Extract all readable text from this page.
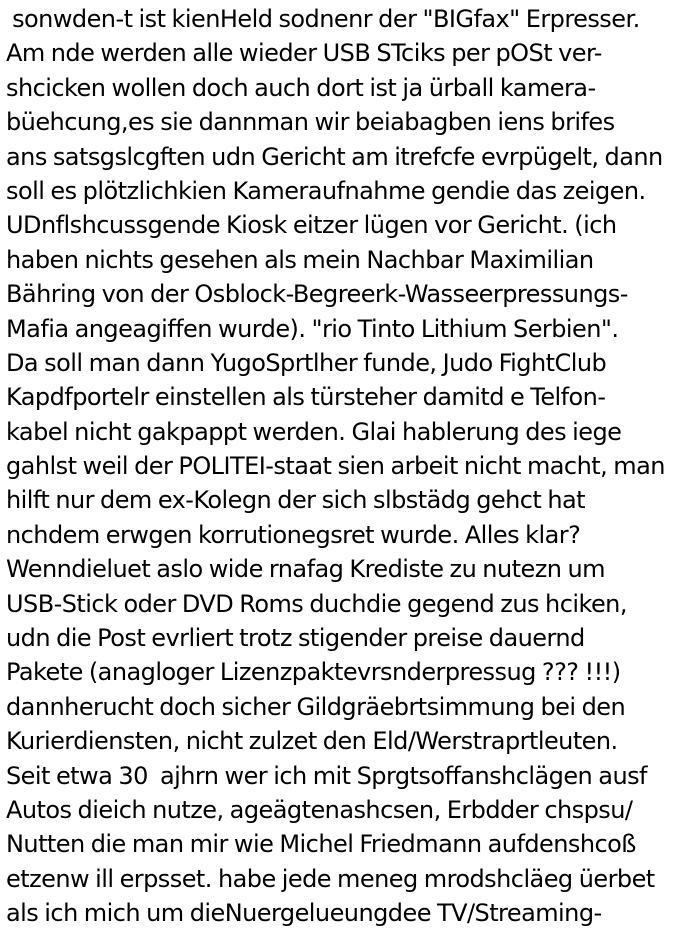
sonwden-t ist kienHeld sodnenr der "BIGfax" Erpresser.
Am nde werden alle wieder USB STciks per pOSt ver-
shcicken wollen doch auch dort ist ja ürball kamera-
büehcung,es sie dannman wir beiabagben iens brifes
ans satsgslcgften udn Gericht am itrefcfe evrpügelt, dann
soll es plötzlichkien Kameraufnahme gendie das zeigen.
UDnflshcussgende Kiosk eitzer lügen vor Gericht. (ich
haben nichts gesehen als mein Nachbar Maximilian
Bähring von der Osblock-Begreerk-Wasseerpressungs-
Mafia angeagiffen wurde). "rio Tinto Lithium Serbien".
Da soll man dann YugoSprtlher funde, Judo FightClub
Kapdfportelr einstellen als türsteher damitd e Telfon-
kabel nicht gakpappt werden. Glai hablerung des iege
gahlst weil der POLITEI-staat sien arbeit nicht macht, man
hilft nur dem ex-Kolegn der sich slbstädg gehct hat
nchdem erwgen korrutionegsret wurde. Alles klar?
Wenndieluet aslo wide rnafag Krediste zu nutezn um
USB-Stick oder DVD Roms duchdie gegend zus hciken,
udn die Post evrliert trotz stigender preise dauernd
Pakete (anagloger Lizenzpaktevrsnderpressug ??? !!!)
dannherucht doch sicher Gildgräebrtsimmung bei den
Kurierdiensten, nicht zulzet den Eld/Werstraprtleuten.
Seit etwa 30  ajhrn wer ich mit Sprgtsoffanshclägen ausf
Autos dieich nutze, ageägtenashcsen, Erbdder chspsu/
Nutten die man mir wie Michel Friedmann aufdenshcoß
etzenw ill erpsset. habe jede meneg mrodshcläeg üerbet
als ich mich um dieNuergelueungdee TV/Streaming-
